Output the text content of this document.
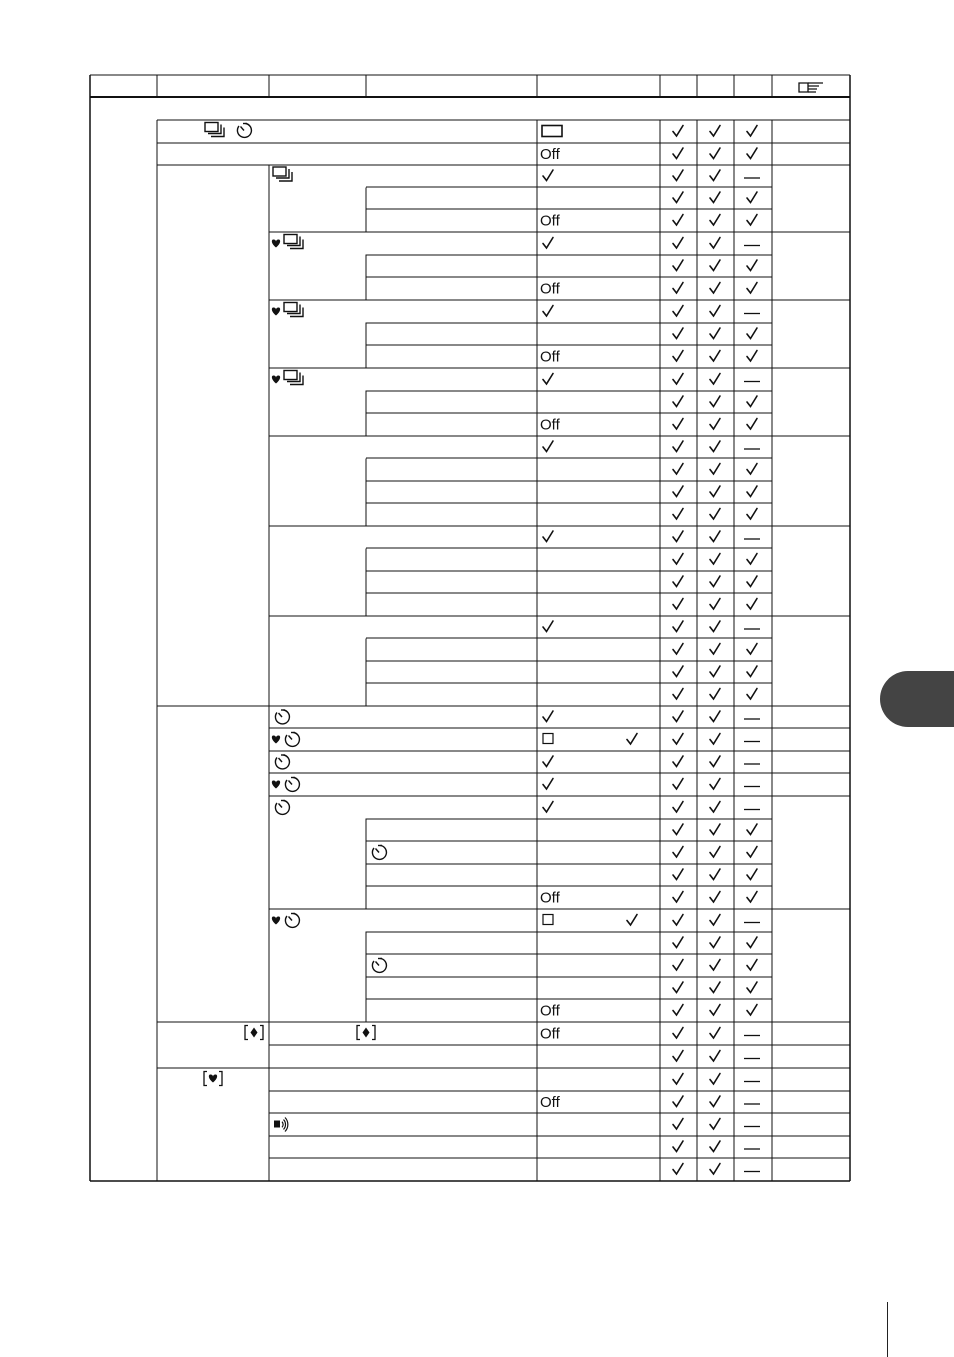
Off
Off
Off
Off
Off
Off
Off
Off
Off
